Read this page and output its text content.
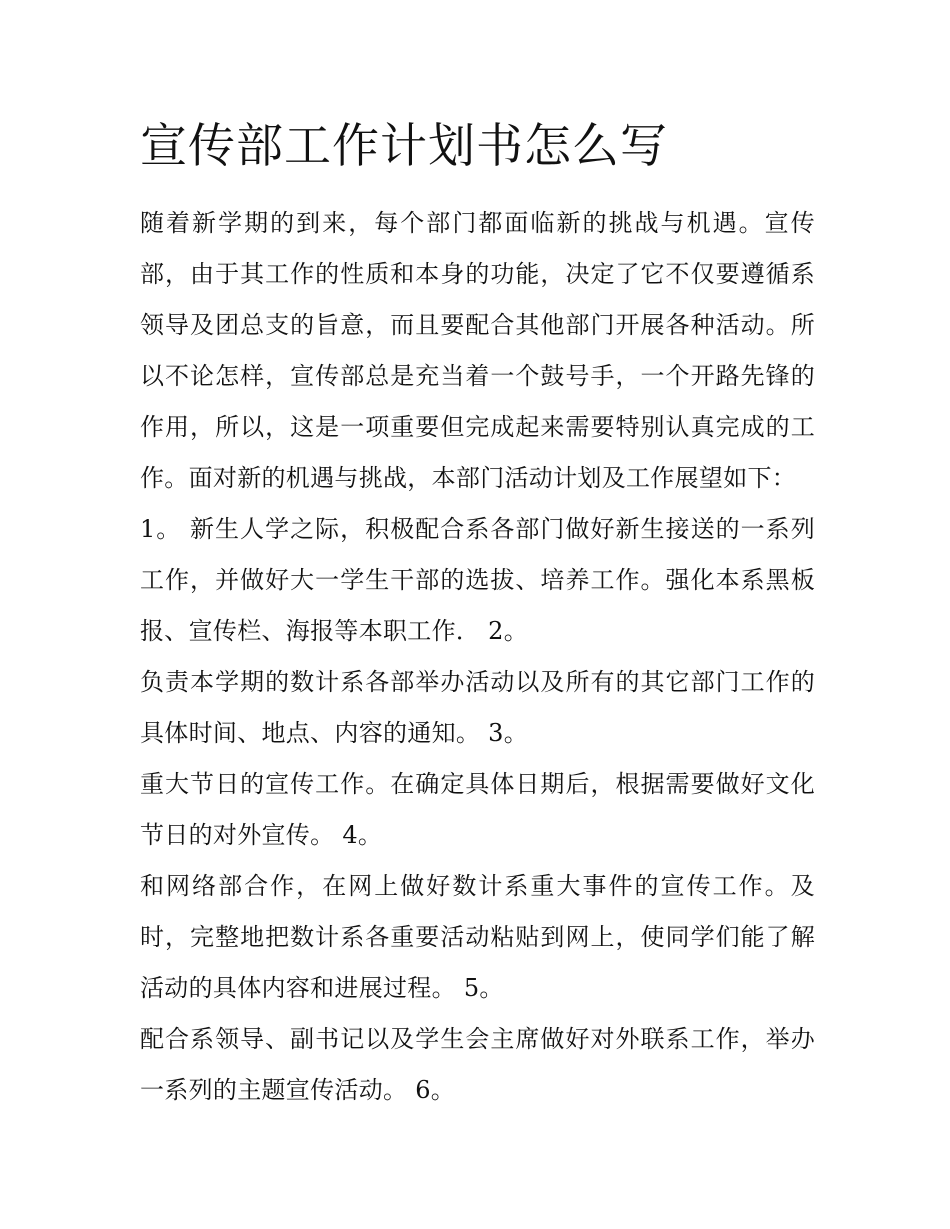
宣传部工作计划书怎么写

随着新学期的到来，每个部门都面临新的挑战与机遇。宣传部，由于其工作的性质和本身的功能，决定了它不仅要遵循系领导及团总支的旨意，而且要配合其他部门开展各种活动。所以不论怎样，宣传部总是充当着一个鼓号手，一个开路先锋的作用，所以，这是一项重要但完成起来需要特别认真完成的工作。面对新的机遇与挑战，本部门活动计划及工作展望如下：

1。 新生人学之际，积极配合系各部门做好新生接送的一系列工作，并做好大一学生干部的选拔、培养工作。强化本系黑板报、宣传栏、海报等本职工作． 2。

负责本学期的数计系各部举办活动以及所有的其它部门工作的具体时间、地点、内容的通知。 3。

重大节日的宣传工作。在确定具体日期后，根据需要做好文化节日的对外宣传。 4。

和网络部合作，在网上做好数计系重大事件的宣传工作。及时，完整地把数计系各重要活动粘贴到网上，使同学们能了解活动的具体内容和进展过程。 5。

配合系领导、副书记以及学生会主席做好对外联系工作，举办一系列的主题宣传活动。 6。
